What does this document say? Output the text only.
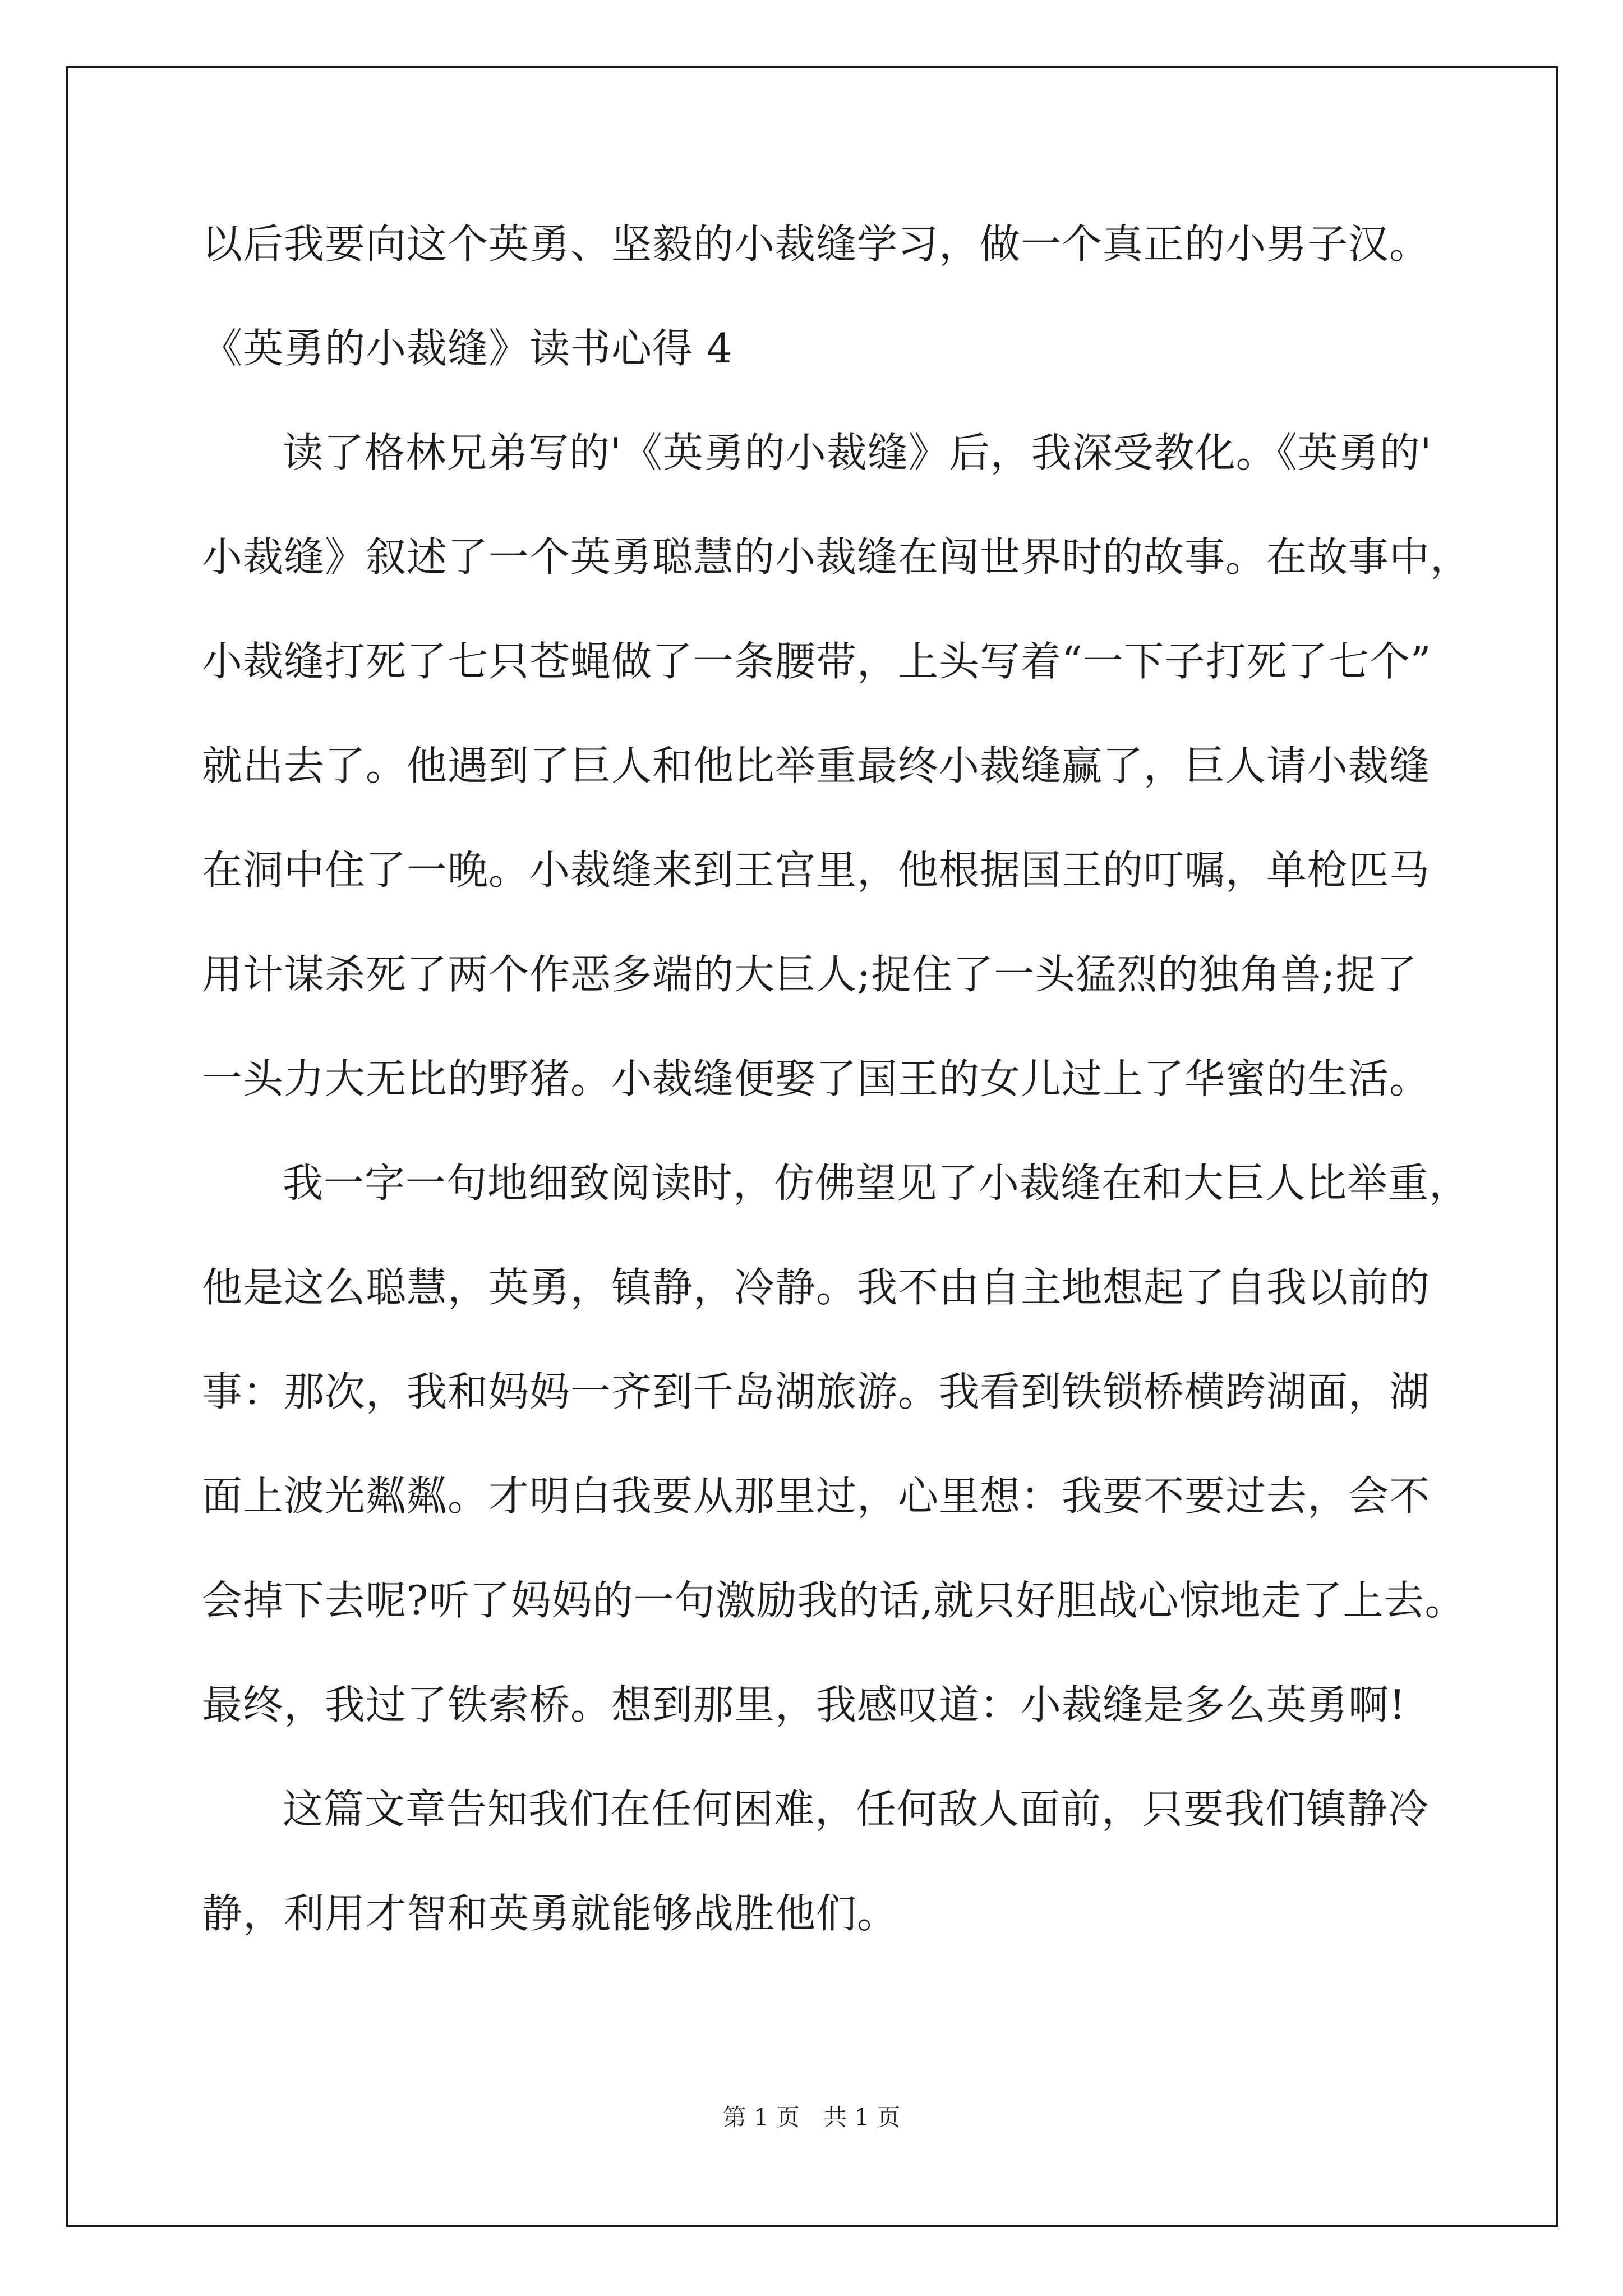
以后我要向这个英勇、坚毅的小裁缝学习，做一个真正的小男子汉。
《英勇的小裁缝》读书心得 4
读了格林兄弟写的'《英勇的小裁缝》后，我深受教化。《英勇的'
小裁缝》叙述了一个英勇聪慧的小裁缝在闯世界时的故事。在故事中，
小裁缝打死了七只苍蝇做了一条腰带，上头写着“一下子打死了七个”
就出去了。他遇到了巨人和他比举重最终小裁缝赢了，巨人请小裁缝
在洞中住了一晚。小裁缝来到王宫里，他根据国王的叮嘱，单枪匹马
用计谋杀死了两个作恶多端的大巨人;捉住了一头猛烈的独角兽;捉了
一头力大无比的野猪。小裁缝便娶了国王的女儿过上了华蜜的生活。
我一字一句地细致阅读时，仿佛望见了小裁缝在和大巨人比举重，
他是这么聪慧，英勇，镇静，冷静。我不由自主地想起了自我以前的
事：那次，我和妈妈一齐到千岛湖旅游。我看到铁锁桥横跨湖面，湖
面上波光粼粼。才明白我要从那里过，心里想：我要不要过去，会不
会掉下去呢?听了妈妈的一句激励我的话,就只好胆战心惊地走了上去。
最终，我过了铁索桥。想到那里，我感叹道：小裁缝是多么英勇啊!
这篇文章告知我们在任何困难，任何敌人面前，只要我们镇静冷
静，利用才智和英勇就能够战胜他们。
第 1 页　共 1 页
